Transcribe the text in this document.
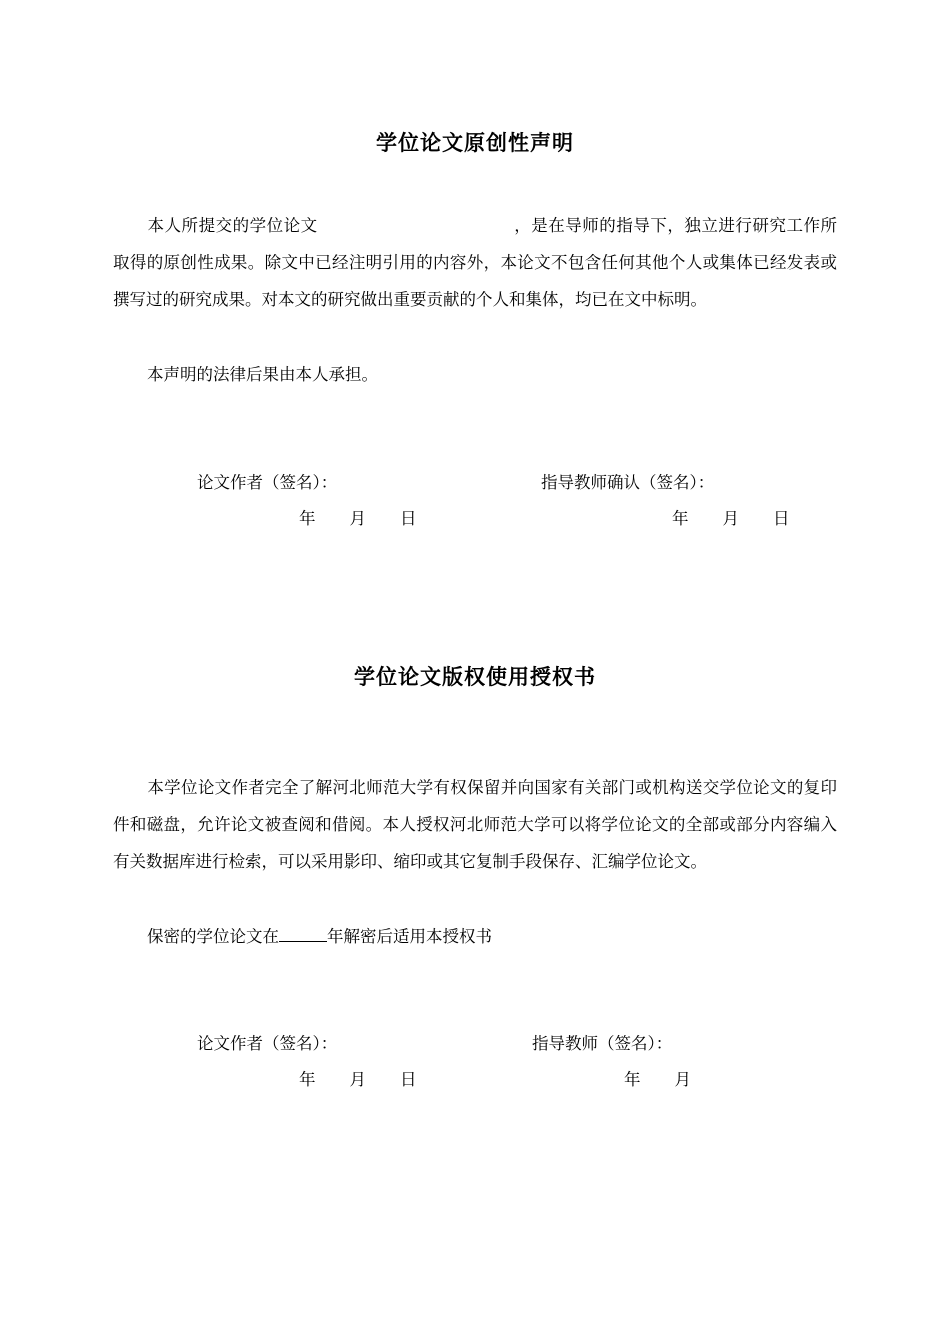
学位论文原创性声明

本人所提交的学位论文	，是在导师的指导下，独立进行研究工作所取得的原创性成果。除文中已经注明引用的内容外，本论文不包含任何其他个人或集体已经发表或撰写过的研究成果。对本文的研究做出重要贡献的个人和集体，均已在文中标明。

本声明的法律后果由本人承担。

论文作者（签名）：	指导教师确认（签名）：
年 月 日	年 月 日
学位论文版权使用授权书

本学位论文作者完全了解河北师范大学有权保留并向国家有关部门或机构送交学位论文的复印件和磁盘，允许论文被查阅和借阅。本人授权河北师范大学可以将学位论文的全部或部分内容编入有关数据库进行检索，可以采用影印、缩印或其它复制手段保存、汇编学位论文。

保密的学位论文在	年解密后适用本授权书

论文作者（签名）：	指导教师（签名）：
年 月 日	年 月
